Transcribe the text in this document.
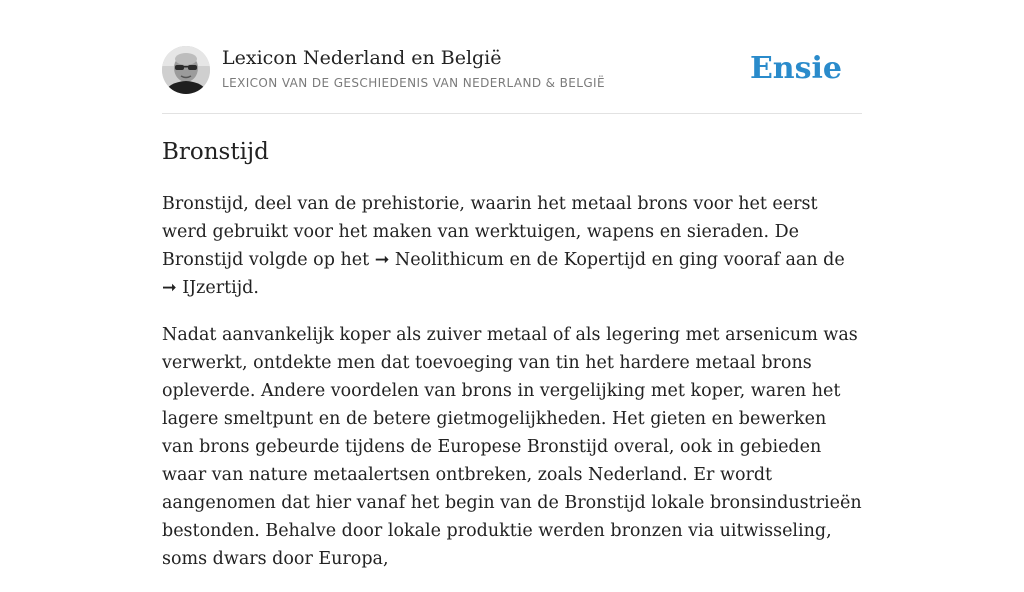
Lexicon Nederland en België
LEXICON VAN DE GESCHIEDENIS VAN NEDERLAND & BELGIË	Ensie
Bronstijd

Bronstijd, deel van de prehistorie, waarin het metaal brons voor het eerst werd gebruikt voor het maken van werktuigen, wapens en sieraden. De Bronstijd volgde op het ➞ Neolithicum en de Kopertijd en ging vooraf aan de ➞ IJzertijd.

Nadat aanvankelijk koper als zuiver metaal of als legering met arsenicum was verwerkt, ontdekte men dat toevoeging van tin het hardere metaal brons opleverde. Andere voordelen van brons in vergelijking met koper, waren het lagere smeltpunt en de betere gietmogelijkheden. Het gieten en bewerken van brons gebeurde tijdens de Europese Bronstijd overal, ook in gebieden waar van nature metaalertsen ontbreken, zoals Nederland. Er wordt aangenomen dat hier vanaf het begin van de Bronstijd lokale bronsindustrieën bestonden. Behalve door lokale produktie werden bronzen via uitwisseling, soms dwars door Europa,
